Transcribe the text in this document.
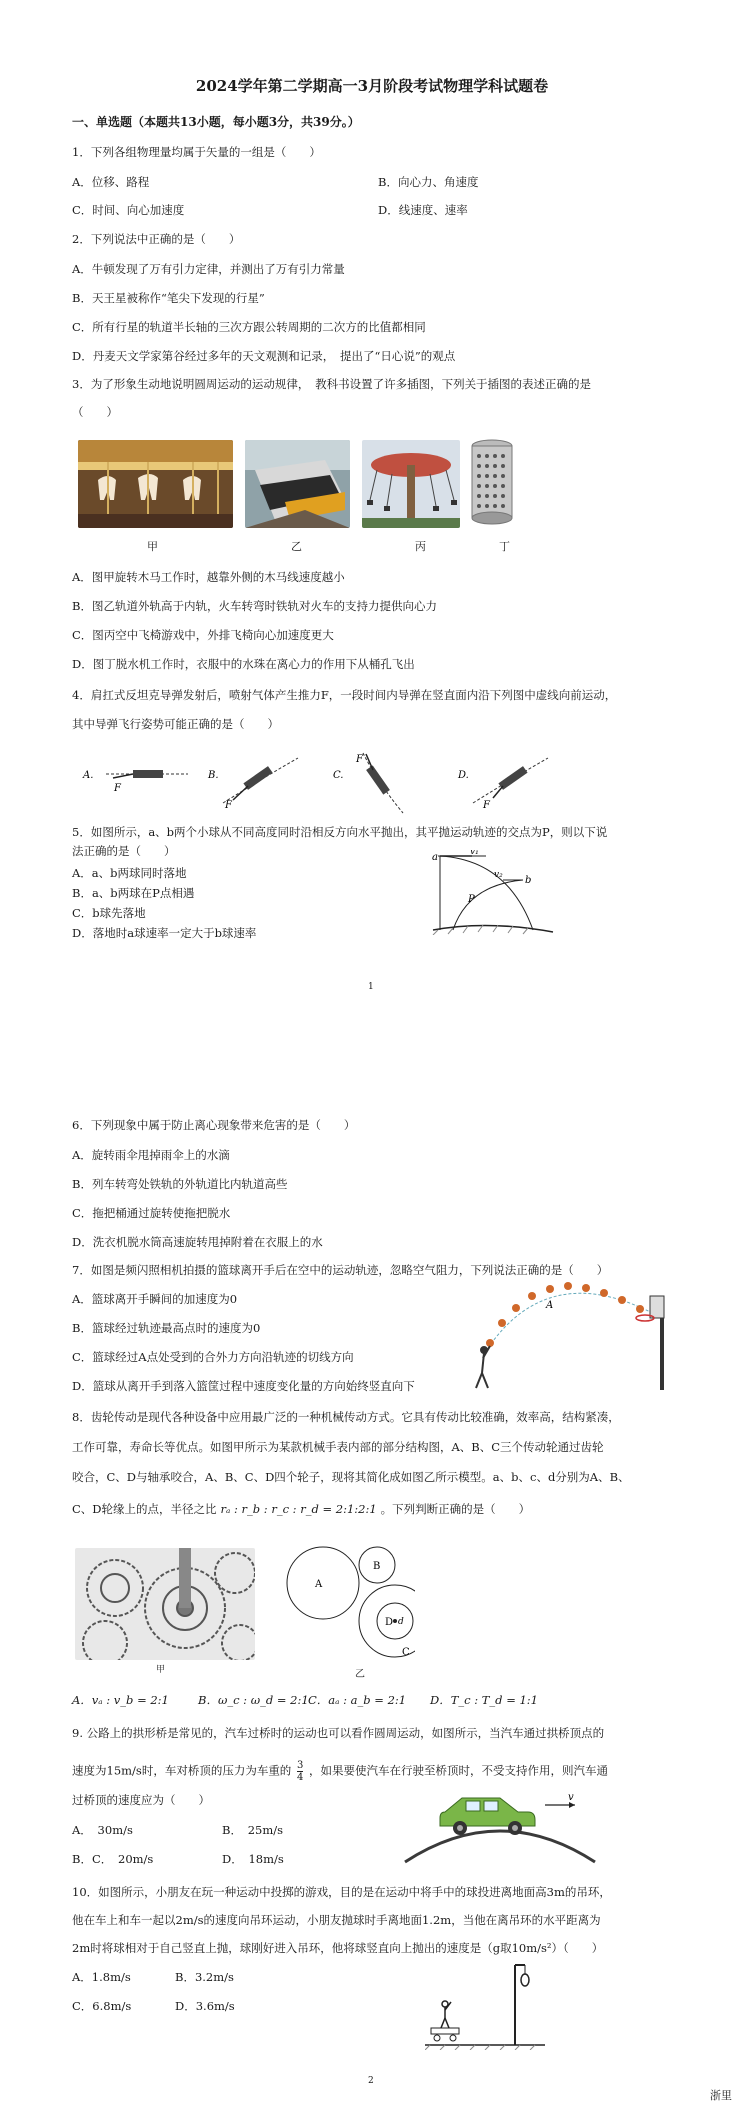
2024学年第二学期高一3月阶段考试物理学科试题卷
一、单选题（本题共13小题，每小题3分，共39分。）
1．下列各组物理量均属于矢量的一组是（　　）
A．位移、路程	B．向心力、角速度
C．时间、向心加速度	D．线速度、速率
2．下列说法中正确的是（　　）
A．牛顿发现了万有引力定律，并测出了万有引力常量
B．天王星被称作“笔尖下发现的行星”
C．所有行星的轨道半长轴的三次方跟公转周期的二次方的比值都相同
D．丹麦天文学家第谷经过多年的天文观测和记录，　提出了“日心说”的观点
3．为了形象生动地说明圆周运动的运动规律，　教科书设置了许多插图，下列关于插图的表述正确的是
（　　）
甲	乙	丙	丁
A．图甲旋转木马工作时，越靠外侧的木马线速度越小
B．图乙轨道外轨高于内轨，火车转弯时铁轨对火车的支持力提供向心力
C．图丙空中飞椅游戏中，外排飞椅向心加速度更大
D．图丁脱水机工作时，衣服中的水珠在离心力的作用下从桶孔飞出
4．肩扛式反坦克导弹发射后，喷射气体产生推力F，一段时间内导弹在竖直面内沿下列图中虚线向前运动，
其中导弹飞行姿势可能正确的是（　　）
A.
F
B.
F
C.
F
D.
F
5．如图所示，a、b两个小球从不同高度同时沿相反方向水平抛出，其平抛运动轨迹的交点为P，则以下说
法正确的是（　　）
A．a、b两球同时落地
B．a、b两球在P点相遇
C．b球先落地
D．落地时a球速率一定大于b球速率
a	v₁
b
v₂
P
1
6．下列现象中属于防止离心现象带来危害的是（　　）
A．旋转雨伞甩掉雨伞上的水滴
B．列车转弯处铁轨的外轨道比内轨道高些
C．拖把桶通过旋转使拖把脱水
D．洗衣机脱水筒高速旋转甩掉附着在衣服上的水
7．如图是频闪照相机拍摄的篮球离开手后在空中的运动轨迹，忽略空气阻力，下列说法正确的是（　　）
A．篮球离开手瞬间的加速度为0
B．篮球经过轨迹最高点时的速度为0
C．篮球经过A点处受到的合外力方向沿轨迹的切线方向
D．篮球从离开手到落入篮筐过程中速度变化量的方向始终竖直向下
A
8．齿轮传动是现代各种设备中应用最广泛的一种机械传动方式。它具有传动比较准确，效率高，结构紧凑，
工作可靠，寿命长等优点。如图甲所示为某款机械手表内部的部分结构图，A、B、C三个传动轮通过齿轮
咬合，C、D与轴承咬合，A、B、C、D四个轮子，现将其简化成如图乙所示模型。a、b、c、d分别为A、B、
C、D轮缘上的点，半径之比 rₐ : r_b : r_c : r_d = 2:1:2:1 。下列判断正确的是（　　）
甲
A
B
C
D d
乙
A．vₐ : v_b = 2:1	B．ω_c : ω_d = 2:1 C．aₐ : a_b = 2:1 D．T_c : T_d = 1:1
9. 公路上的拱形桥是常见的，汽车过桥时的运动也可以看作圆周运动，如图所示，当汽车通过拱桥顶点的
速度为15m/s时，车对桥顶的压力为车重的 $\frac{3}{4}$ ，如果要使汽车在行驶至桥顶时，不受支持作用，则汽车通
过桥顶的速度应为（　　）
A．　30m/s	B．　25m/s
B．C．　20m/s	D．　18m/s
v
10．如图所示，小朋友在玩一种运动中投掷的游戏，目的是在运动中将手中的球投进离地面高3m的吊环，
他在车上和车一起以2m/s的速度向吊环运动，小朋友抛球时手离地面1.2m，当他在离吊环的水平距离为
2m时将球相对于自己竖直上抛，球刚好进入吊环，他将球竖直向上抛出的速度是（g取10m/s²）（　　）
A．1.8m/s	B．3.2m/s
C．6.8m/s	D．3.6m/s
2
浙里
